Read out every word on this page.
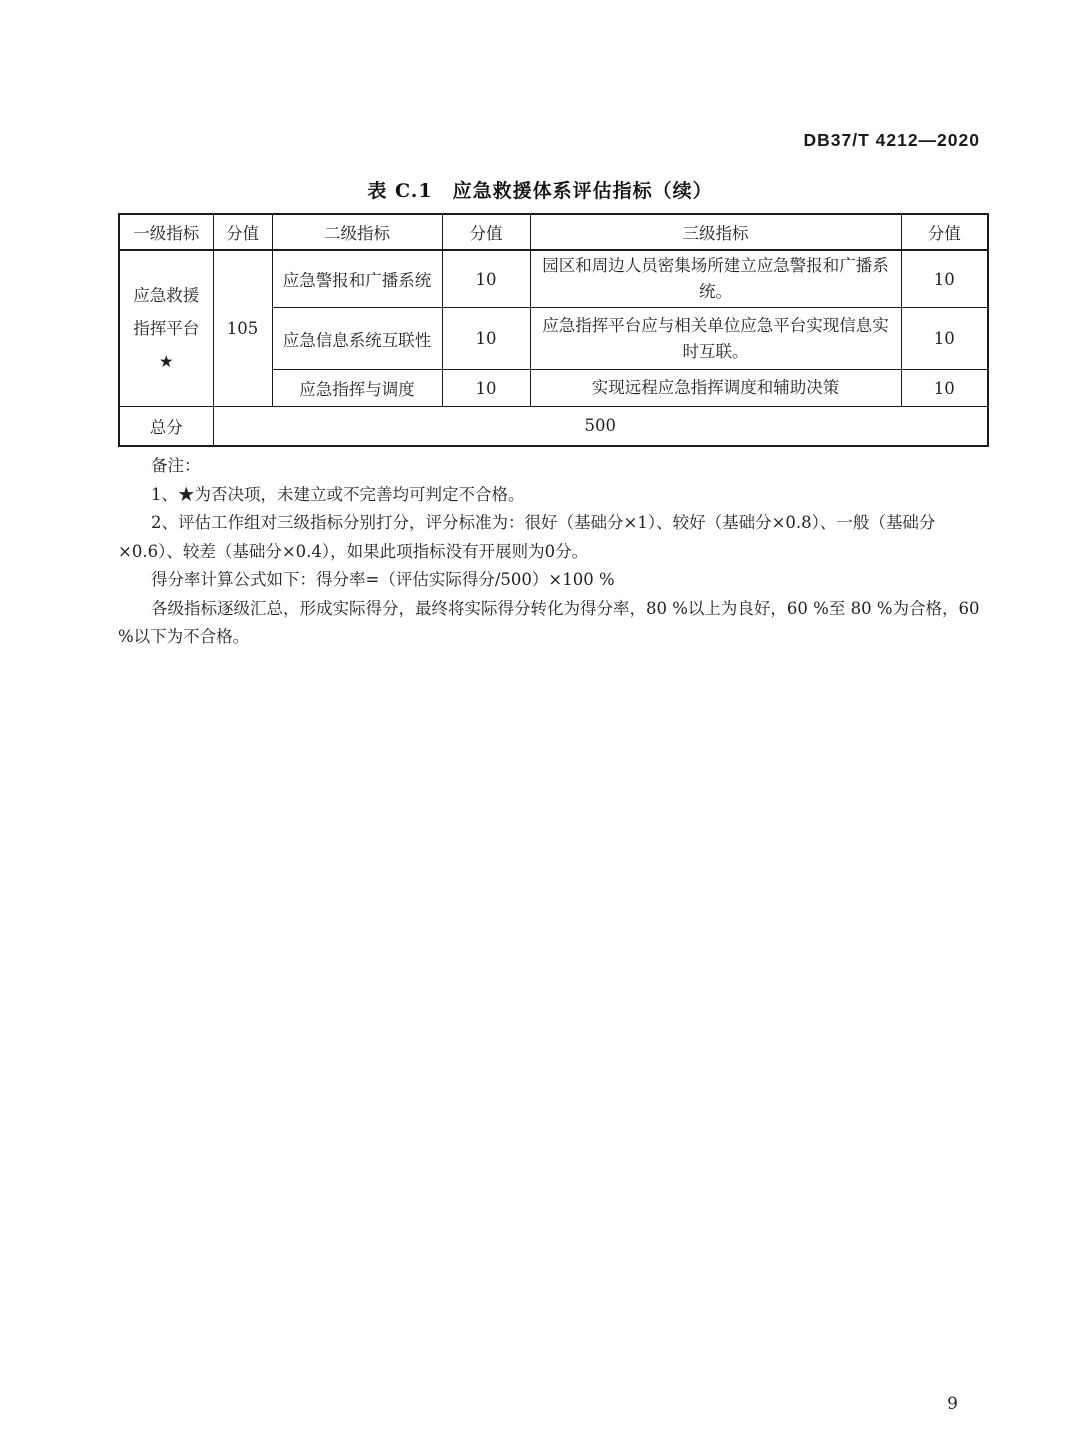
DB37/T 4212—2020
表 C.1　应急救援体系评估指标（续）
一级指标	分值	二级指标	分值	三级指标	分值

应急救援
指挥平台
★	105	应急警报和广播系统	10	园区和周边人员密集场所建立应急警报和广播系统。	10
		应急信息系统互联性	10	应急指挥平台应与相关单位应急平台实现信息实时互联。	10
		应急指挥与调度	10	实现远程应急指挥调度和辅助决策	10
总分	500				

备注：

1、★为否决项，未建立或不完善均可判定不合格。

2、评估工作组对三级指标分别打分，评分标准为：很好（基础分×1）、较好（基础分×0.8）、一般（基础分×0.6）、较差（基础分×0.4），如果此项指标没有开展则为0分。

得分率计算公式如下：得分率=（评估实际得分/500）×100 %

各级指标逐级汇总，形成实际得分，最终将实际得分转化为得分率，80 %以上为良好，60 %至 80 %为合格，60 %以下为不合格。

9
